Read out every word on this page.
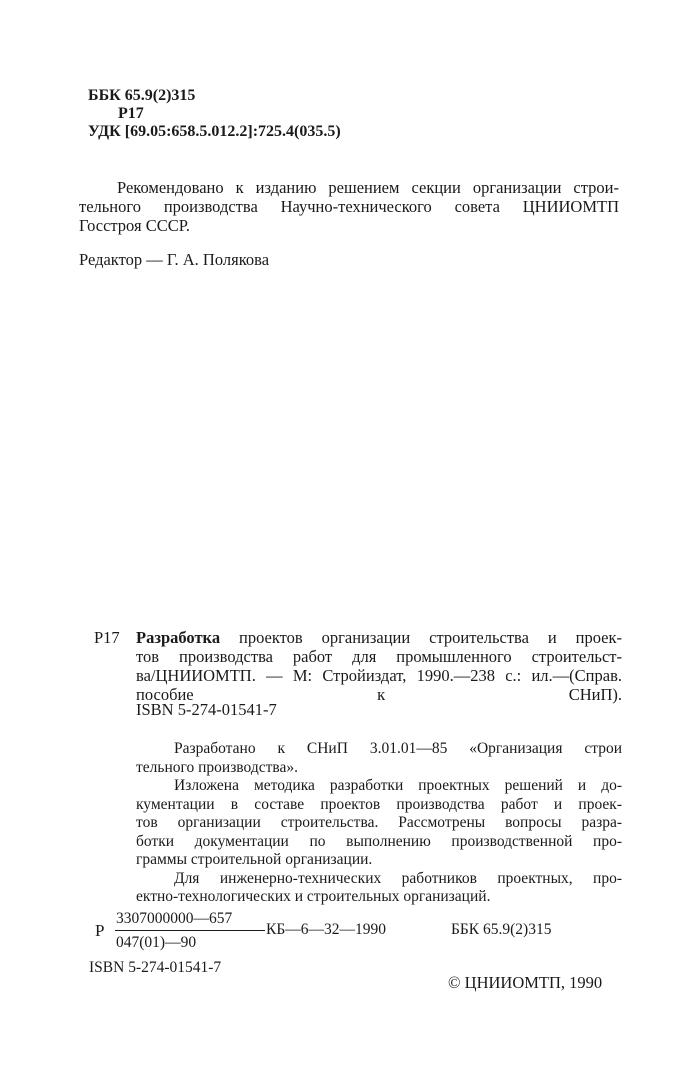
ББК 65.9(2)315
Р17
УДК [69.05:658.5.012.2]:725.4(035.5)
Рекомендовано к изданию решением секции организации строи-
тельного производства Научно-технического совета ЦНИИОМТП
Госстроя СССР.
Редактор — Г. А. Полякова
Р17 Разработка проектов организации строительства и проек-
тов производства работ для промышленного строительст-
ва/ЦНИИОМТП. — М: Стройиздат, 1990.—238 с.: ил.—(Справ.
пособие к СНиП).
ISBN 5-274-01541-7
Разработано к СНиП 3.01.01—85 «Организация строи
тельного производства».
Изложена методика разработки проектных решений и до-
кументации в составе проектов производства работ и проек-
тов организации строительства. Рассмотрены вопросы разра-
ботки документации по выполнению производственной про-
граммы строительной организации.
Для инженерно-технических работников проектных, про-
ектно-технологических и строительных организаций.
Р
3307000000—657
047(01)—90
КБ—6—32—1990	ББК 65.9(2)315
ISBN 5-274-01541-7
© ЦНИИОМТП, 1990
